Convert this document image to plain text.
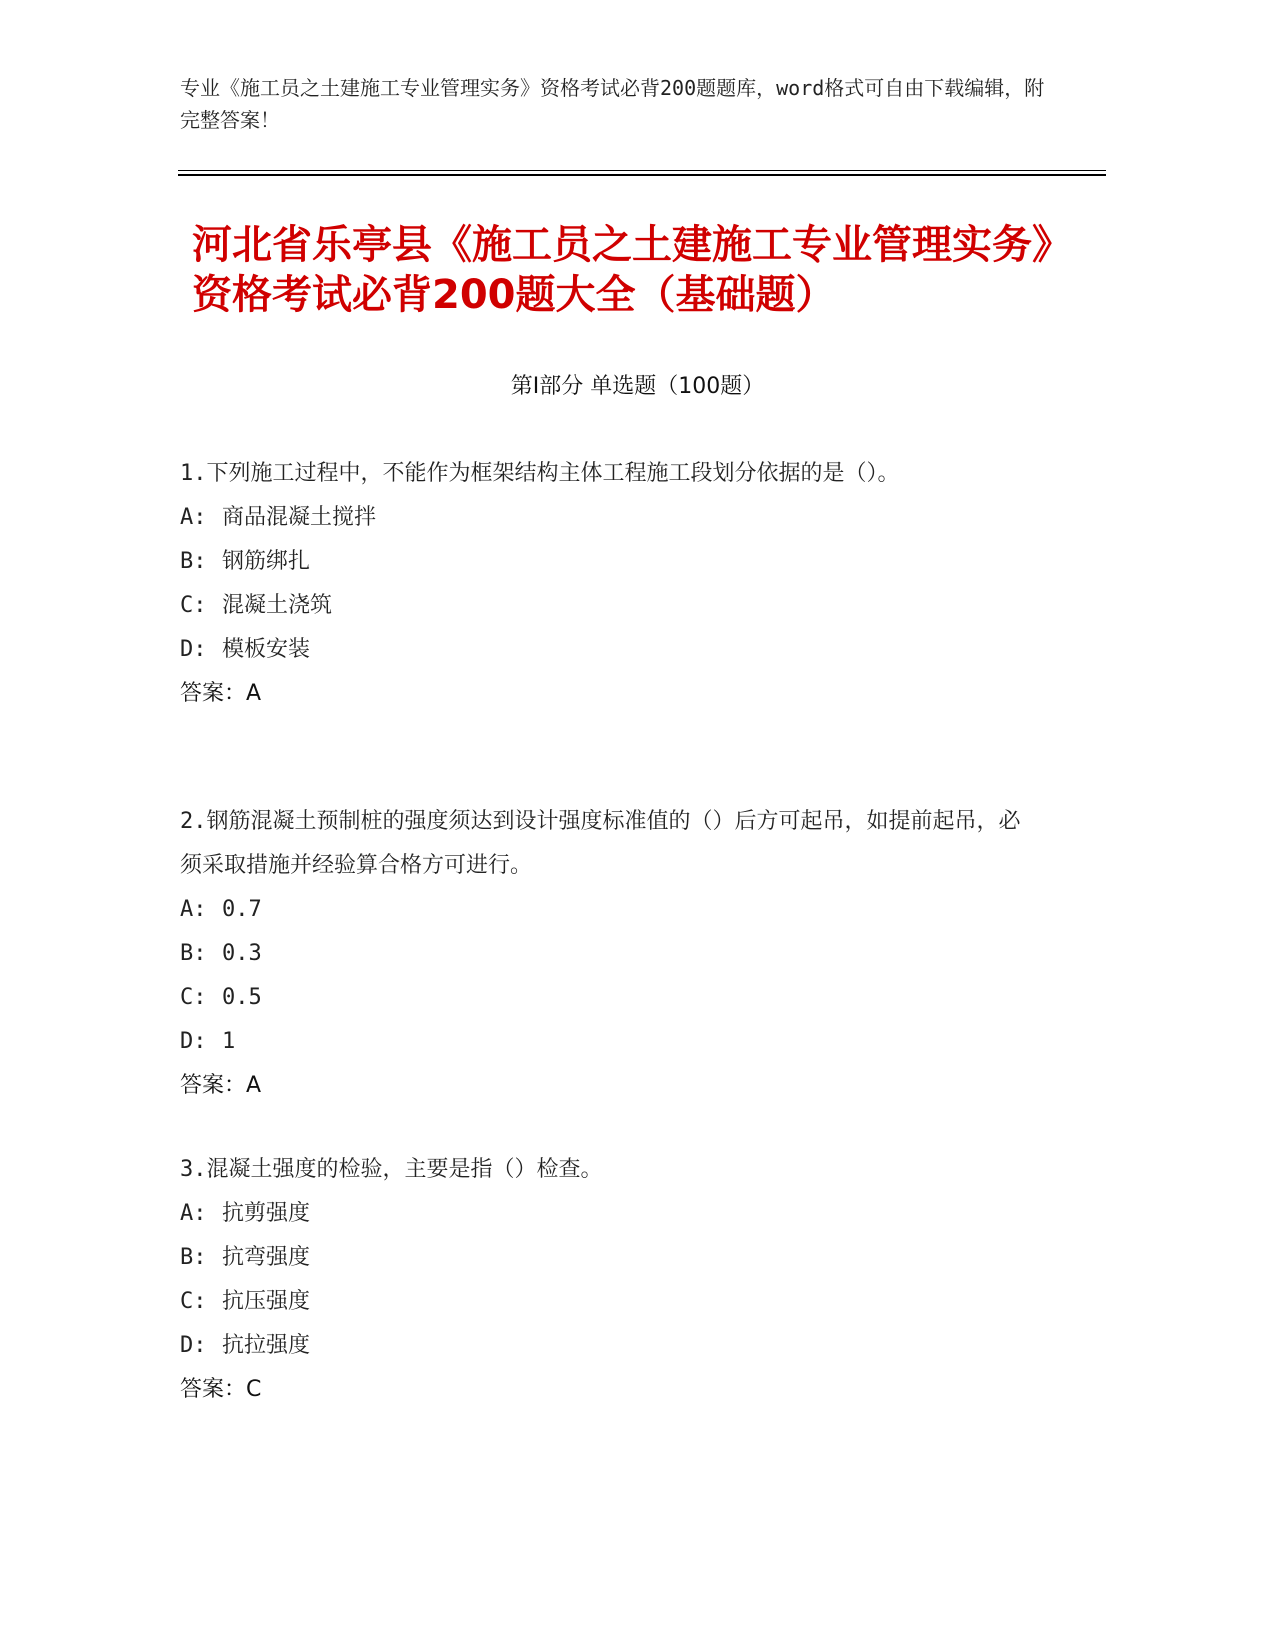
专业《施工员之土建施工专业管理实务》资格考试必背200题题库，word格式可自由下载编辑，附完整答案！
河北省乐亭县《施工员之土建施工专业管理实务》资格考试必背200题大全（基础题）
第I部分 单选题（100题）
1.下列施工过程中，不能作为框架结构主体工程施工段划分依据的是（）。
A: 商品混凝土搅拌
B: 钢筋绑扎
C: 混凝土浇筑
D: 模板安装
答案：A
2.钢筋混凝土预制桩的强度须达到设计强度标准值的（）后方可起吊，如提前起吊，必须采取措施并经验算合格方可进行。
A: 0.7
B: 0.3
C: 0.5
D: 1
答案：A
3.混凝土强度的检验，主要是指（）检查。
A: 抗剪强度
B: 抗弯强度
C: 抗压强度
D: 抗拉强度
答案：C
